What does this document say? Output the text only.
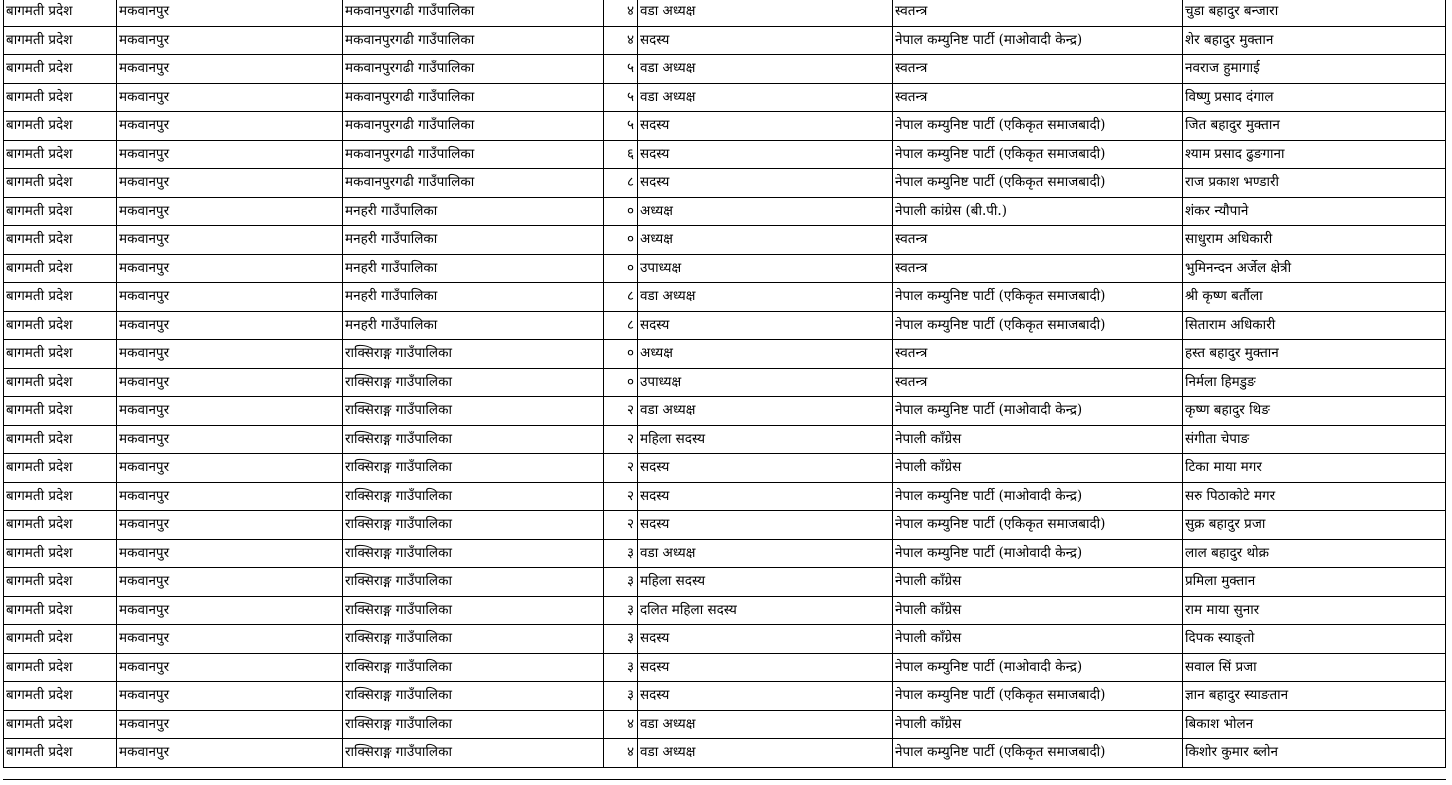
बागमती प्रदेश	मकवानपुर	मकवानपुरगढी गाउँपालिका	४	वडा अध्यक्ष	स्वतन्त्र	चुडा बहादुर बन्जारा
बागमती प्रदेश	मकवानपुर	मकवानपुरगढी गाउँपालिका	४	सदस्य	नेपाल कम्युनिष्ट पार्टी (माओवादी केन्द्र)	शेर बहादुर मुक्तान
बागमती प्रदेश	मकवानपुर	मकवानपुरगढी गाउँपालिका	५	वडा अध्यक्ष	स्वतन्त्र	नवराज हुमागाई
बागमती प्रदेश	मकवानपुर	मकवानपुरगढी गाउँपालिका	५	वडा अध्यक्ष	स्वतन्त्र	विष्णु प्रसाद दंगाल
बागमती प्रदेश	मकवानपुर	मकवानपुरगढी गाउँपालिका	५	सदस्य	नेपाल कम्युनिष्ट पार्टी (एकिकृत समाजबादी)	जित बहादुर मुक्तान
बागमती प्रदेश	मकवानपुर	मकवानपुरगढी गाउँपालिका	६	सदस्य	नेपाल कम्युनिष्ट पार्टी (एकिकृत समाजबादी)	श्याम प्रसाद ढुङगाना
बागमती प्रदेश	मकवानपुर	मकवानपुरगढी गाउँपालिका	८	सदस्य	नेपाल कम्युनिष्ट पार्टी (एकिकृत समाजबादी)	राज प्रकाश भण्डारी
बागमती प्रदेश	मकवानपुर	मनहरी गाउँपालिका	०	अध्यक्ष	नेपाली कांग्रेस (बी.पी.)	शंकर न्यौपाने
बागमती प्रदेश	मकवानपुर	मनहरी गाउँपालिका	०	अध्यक्ष	स्वतन्त्र	साधुराम अधिकारी
बागमती प्रदेश	मकवानपुर	मनहरी गाउँपालिका	०	उपाध्यक्ष	स्वतन्त्र	भुमिनन्दन अर्जेल क्षेत्री
बागमती प्रदेश	मकवानपुर	मनहरी गाउँपालिका	८	वडा अध्यक्ष	नेपाल कम्युनिष्ट पार्टी (एकिकृत समाजबादी)	श्री कृष्ण बर्तौला
बागमती प्रदेश	मकवानपुर	मनहरी गाउँपालिका	८	सदस्य	नेपाल कम्युनिष्ट पार्टी (एकिकृत समाजबादी)	सिताराम अधिकारी
बागमती प्रदेश	मकवानपुर	राक्सिराङ्ग गाउँपालिका	०	अध्यक्ष	स्वतन्त्र	हस्त बहादुर मुक्तान
बागमती प्रदेश	मकवानपुर	राक्सिराङ्ग गाउँपालिका	०	उपाध्यक्ष	स्वतन्त्र	निर्मला हिमडुङ
बागमती प्रदेश	मकवानपुर	राक्सिराङ्ग गाउँपालिका	२	वडा अध्यक्ष	नेपाल कम्युनिष्ट पार्टी (माओवादी केन्द्र)	कृष्ण बहादुर थिङ
बागमती प्रदेश	मकवानपुर	राक्सिराङ्ग गाउँपालिका	२	महिला सदस्य	नेपाली काँग्रेस	संगीता चेपाङ
बागमती प्रदेश	मकवानपुर	राक्सिराङ्ग गाउँपालिका	२	सदस्य	नेपाली काँग्रेस	टिका माया मगर
बागमती प्रदेश	मकवानपुर	राक्सिराङ्ग गाउँपालिका	२	सदस्य	नेपाल कम्युनिष्ट पार्टी (माओवादी केन्द्र)	सरु पिठाकोटे मगर
बागमती प्रदेश	मकवानपुर	राक्सिराङ्ग गाउँपालिका	२	सदस्य	नेपाल कम्युनिष्ट पार्टी (एकिकृत समाजबादी)	सुक्र बहादुर प्रजा
बागमती प्रदेश	मकवानपुर	राक्सिराङ्ग गाउँपालिका	३	वडा अध्यक्ष	नेपाल कम्युनिष्ट पार्टी (माओवादी केन्द्र)	लाल बहादुर थोक्र
बागमती प्रदेश	मकवानपुर	राक्सिराङ्ग गाउँपालिका	३	महिला सदस्य	नेपाली काँग्रेस	प्रमिला मुक्तान
बागमती प्रदेश	मकवानपुर	राक्सिराङ्ग गाउँपालिका	३	दलित महिला सदस्य	नेपाली काँग्रेस	राम माया सुनार
बागमती प्रदेश	मकवानपुर	राक्सिराङ्ग गाउँपालिका	३	सदस्य	नेपाली काँग्रेस	दिपक स्याङ्तो
बागमती प्रदेश	मकवानपुर	राक्सिराङ्ग गाउँपालिका	३	सदस्य	नेपाल कम्युनिष्ट पार्टी (माओवादी केन्द्र)	सवाल सिं प्रजा
बागमती प्रदेश	मकवानपुर	राक्सिराङ्ग गाउँपालिका	३	सदस्य	नेपाल कम्युनिष्ट पार्टी (एकिकृत समाजबादी)	ज्ञान बहादुर स्याङतान
बागमती प्रदेश	मकवानपुर	राक्सिराङ्ग गाउँपालिका	४	वडा अध्यक्ष	नेपाली काँग्रेस	बिकाश भोलन
बागमती प्रदेश	मकवानपुर	राक्सिराङ्ग गाउँपालिका	४	वडा अध्यक्ष	नेपाल कम्युनिष्ट पार्टी (एकिकृत समाजबादी)	किशोर कुमार ब्लोन
